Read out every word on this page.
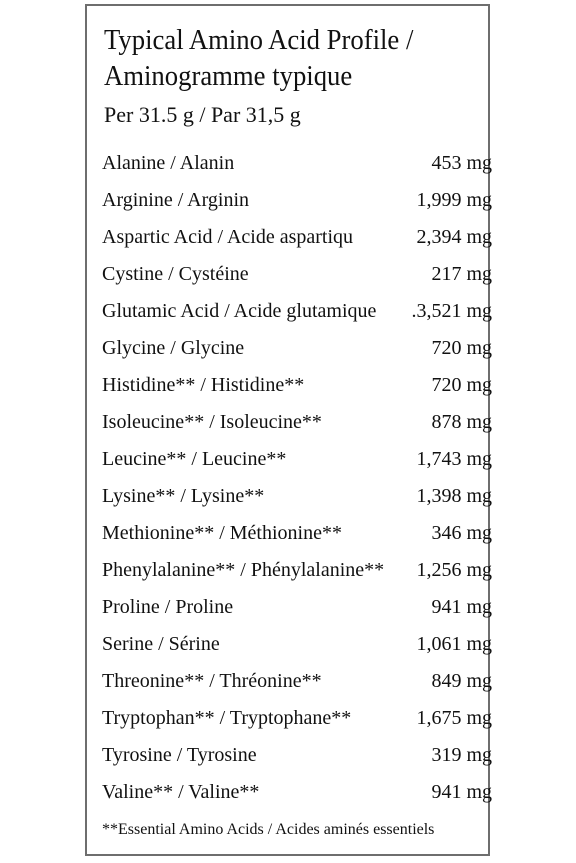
Typical Amino Acid Profile /
Aminogramme typique
Per 31.5 g / Par 31,5 g
Alanine / Alanin	453 mg
Arginine / Arginin	1,999 mg
Aspartic Acid / Acide aspartiqu	2,394 mg
Cystine / Cystéine	217 mg
Glutamic Acid / Acide glutamique .3,521 mg
Glycine / Glycine	720 mg
Histidine** / Histidine**	720 mg
Isoleucine** / Isoleucine**	878 mg
Leucine** / Leucine**	1,743 mg
Lysine** / Lysine**	1,398 mg
Methionine** / Méthionine**	346 mg
Phenylalanine** / Phénylalanine** 1,256 mg
Proline / Proline	941 mg
Serine / Sérine	1,061 mg
Threonine** / Thréonine**	849 mg
Tryptophan** / Tryptophane**	1,675 mg
Tyrosine / Tyrosine	319 mg
Valine** / Valine**	941 mg
**Essential Amino Acids / Acides aminés essentiels
